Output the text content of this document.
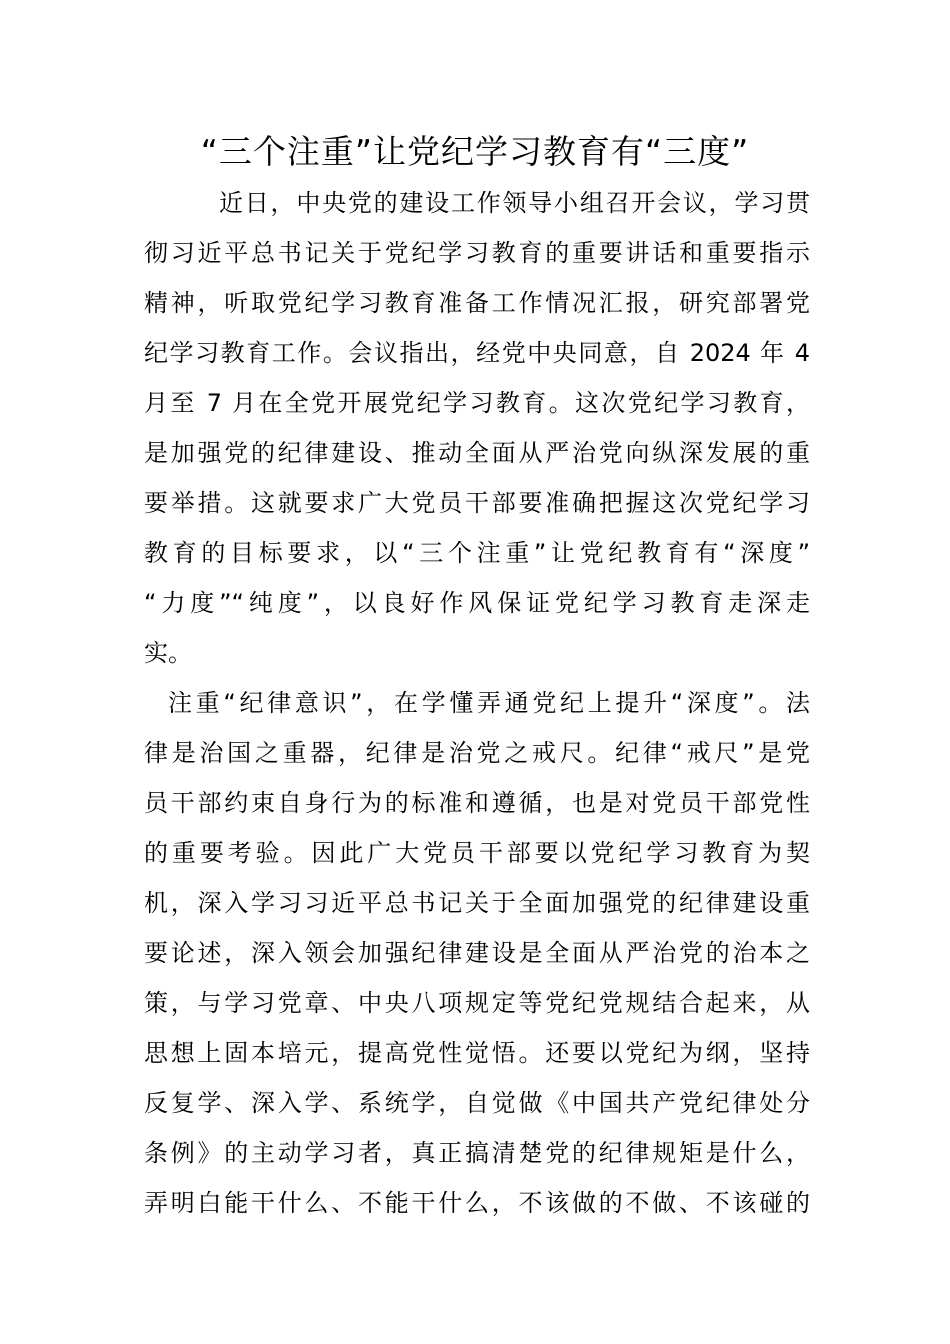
“三个注重”让党纪学习教育有“三度”
近日，中央党的建设工作领导小组召开会议，学习贯
彻习近平总书记关于党纪学习教育的重要讲话和重要指示
精神，听取党纪学习教育准备工作情况汇报，研究部署党
纪学习教育工作。会议指出，经党中央同意，自 2024 年 4
月至 7 月在全党开展党纪学习教育。这次党纪学习教育，
是加强党的纪律建设、推动全面从严治党向纵深发展的重
要举措。这就要求广大党员干部要准确把握这次党纪学习
教育的目标要求，以“三个注重”让党纪教育有“深度”
“力度”“纯度”，以良好作风保证党纪学习教育走深走
实。
注重“纪律意识”，在学懂弄通党纪上提升“深度”。法
律是治国之重器，纪律是治党之戒尺。纪律“戒尺”是党
员干部约束自身行为的标准和遵循，也是对党员干部党性
的重要考验。因此广大党员干部要以党纪学习教育为契
机，深入学习习近平总书记关于全面加强党的纪律建设重
要论述，深入领会加强纪律建设是全面从严治党的治本之
策，与学习党章、中央八项规定等党纪党规结合起来，从
思想上固本培元，提高党性觉悟。还要以党纪为纲，坚持
反复学、深入学、系统学，自觉做《中国共产党纪律处分
条例》的主动学习者，真正搞清楚党的纪律规矩是什么，
弄明白能干什么、不能干什么，不该做的不做、不该碰的
